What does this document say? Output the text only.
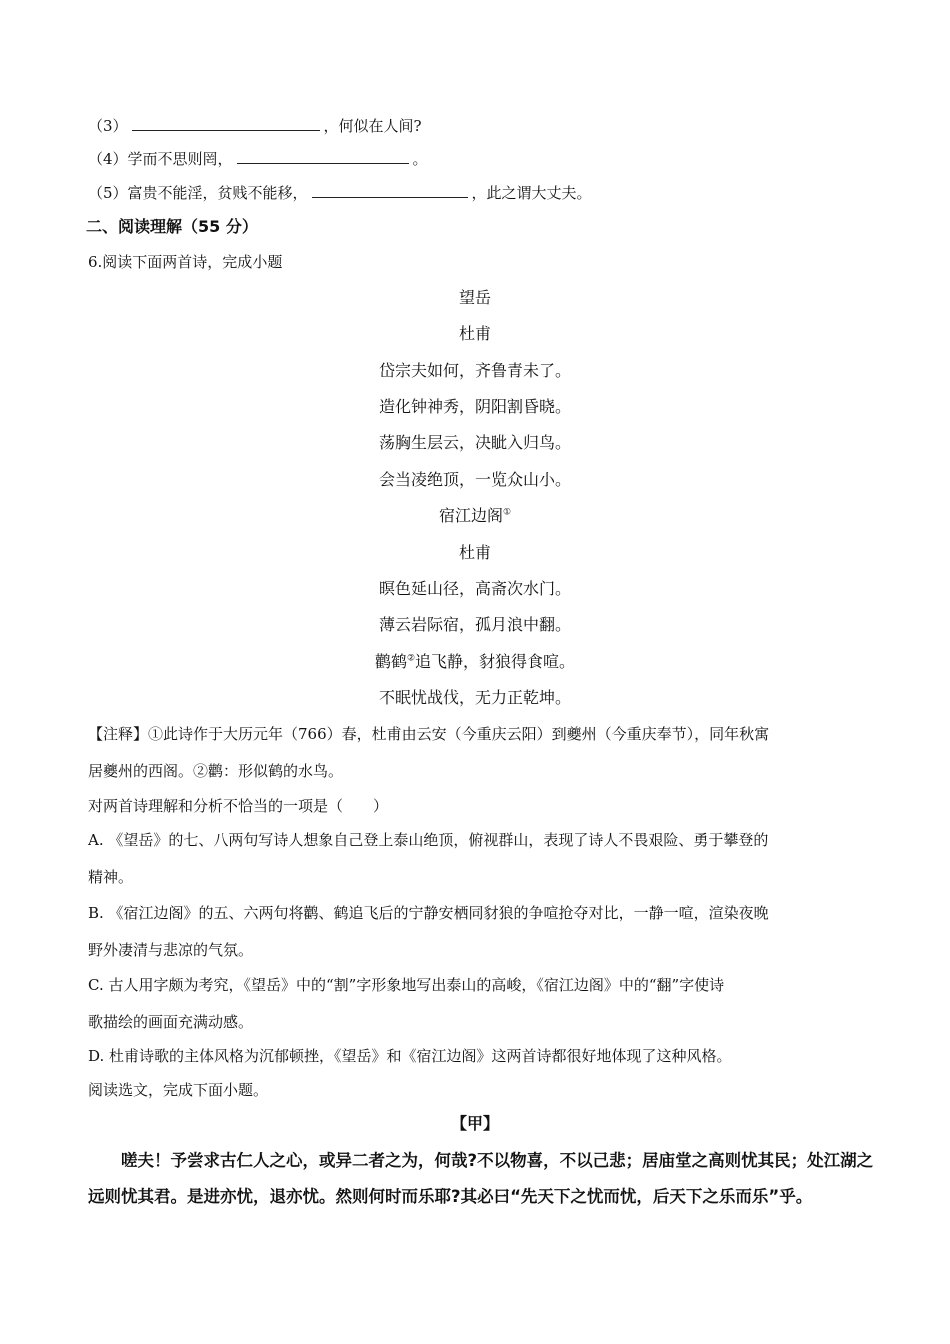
（3）	，何似在人间?
（4）学而不思则罔，	。
（5）富贵不能淫，贫贱不能移，	，此之谓大丈夫。
二、阅读理解（55 分）
6.阅读下面两首诗，完成小题
望岳
杜甫
岱宗夫如何，齐鲁青未了。
造化钟神秀，阴阳割昏晓。
荡胸生层云，决眦入归鸟。
会当凌绝顶，一览众山小。
宿江边阁①
杜甫
暝色延山径，高斋次水门。
薄云岩际宿，孤月浪中翻。
鹳鹤②追飞静，豺狼得食喧。
不眠忧战伐，无力正乾坤。
【注释】①此诗作于大历元年（766）春，杜甫由云安（今重庆云阳）到夔州（今重庆奉节），同年秋寓
居夔州的西阁。②鹳：形似鹤的水鸟。
对两首诗理解和分析不恰当的一项是（　　）
A. 《望岳》的七、八两句写诗人想象自己登上泰山绝顶，俯视群山，表现了诗人不畏艰险、勇于攀登的
精神。
B. 《宿江边阁》的五、六两句将鹳、鹤追飞后的宁静安栖同豺狼的争喧抢夺对比，一静一喧，渲染夜晚
野外凄清与悲凉的气氛。
C. 古人用字颇为考究，《望岳》中的“割”字形象地写出泰山的高峻，《宿江边阁》中的“翻”字使诗
歌描绘的画面充满动感。
D. 杜甫诗歌的主体风格为沉郁顿挫，《望岳》和《宿江边阁》这两首诗都很好地体现了这种风格。
阅读选文，完成下面小题。
【甲】
嗟夫！予尝求古仁人之心，或异二者之为，何哉?不以物喜，不以己悲；居庙堂之高则忧其民；处江湖之远则忧其君。是进亦忧，退亦忧。然则何时而乐耶?其必曰“先天下之忧而忧，后天下之乐而乐”乎。
